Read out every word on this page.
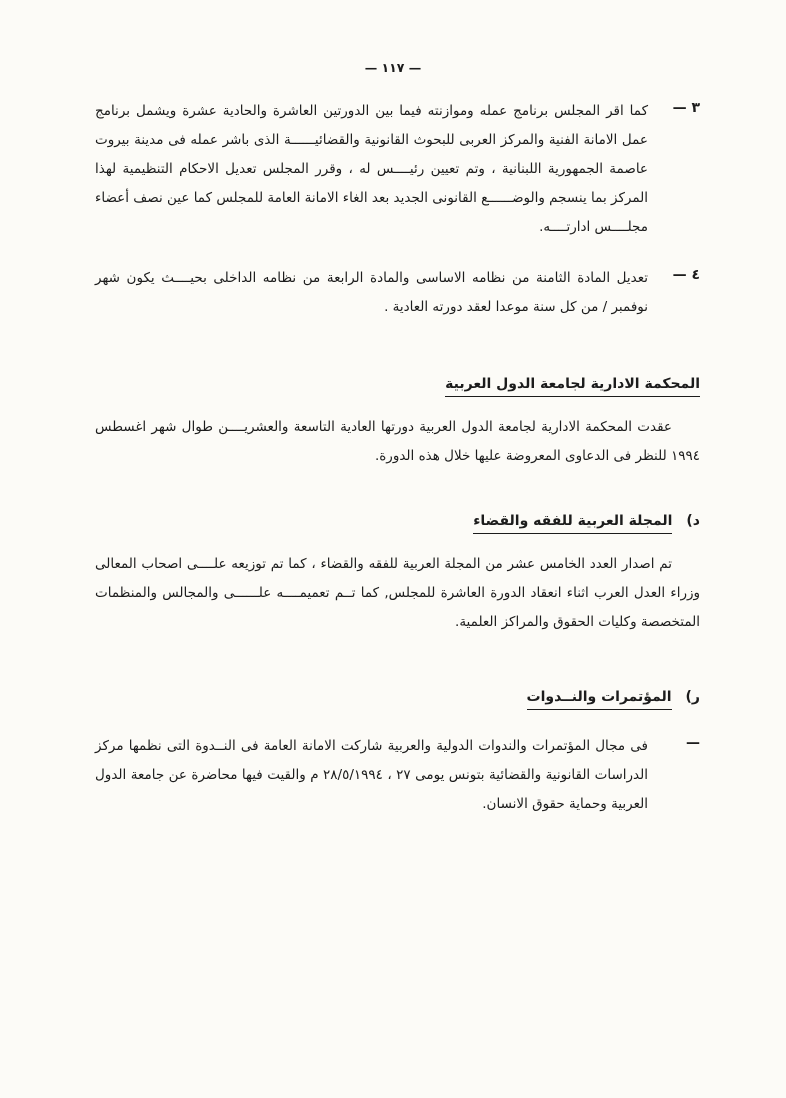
— ١١٧ —
٣ —

كما اقر المجلس برنامج عمله وموازنته فيما بين الدورتين العاشرة والحادية عشرة ويشمل برنامج عمل الامانة الفنية والمركز العربى للبحوث القانونية والقضائيــــــة الذى باشر عمله فى مدينة بيروت عاصمة الجمهورية اللبنانية ، وتم تعيين رئيــــس له ، وقرر المجلس تعديل الاحكام التنظيمية لهذا المركز بما ينسجم والوضــــــع القانونى الجديد بعد الغاء الامانة العامة للمجلس كما عين نصف أعضاء مجلــــس ادارتــــه.

٤ —

تعديل المادة الثامنة من نظامه الاساسى والمادة الرابعة من نظامه الداخلى بحيــــث يكون شهر نوفمبر / من كل سنة موعدا لعقد دورته العادية .

المحكمة الادارية لجامعة الدول العربية

عقدت المحكمة الادارية لجامعة الدول العربية دورتها العادية التاسعة والعشريــــن طوال شهر اغسطس ١٩٩٤ للنظر فى الدعاوى المعروضة عليها خلال هذه الدورة.

د)
المجلة العربية للفقه والقضاء

تم اصدار العدد الخامس عشر من المجلة العربية للفقه والقضاء ، كما تم توزيعه علــــى اصحاب المعالى وزراء العدل العرب اثناء انعقاد الدورة العاشرة للمجلس, كما تــم تعميمــــه علــــــى والمجالس والمنظمات المتخصصة وكليات الحقوق والمراكز العلمية.

ر)
المؤتمرات والنــدوات
—

فى مجال المؤتمرات والندوات الدولية والعربية شاركت الامانة العامة فى النــدوة التى نظمها مركز الدراسات القانونية والقضائية بتونس يومى ٢٧ ، ٢٨/٥/١٩٩٤ م والقيت فيها محاضرة عن جامعة الدول العربية وحماية حقوق الانسان.
